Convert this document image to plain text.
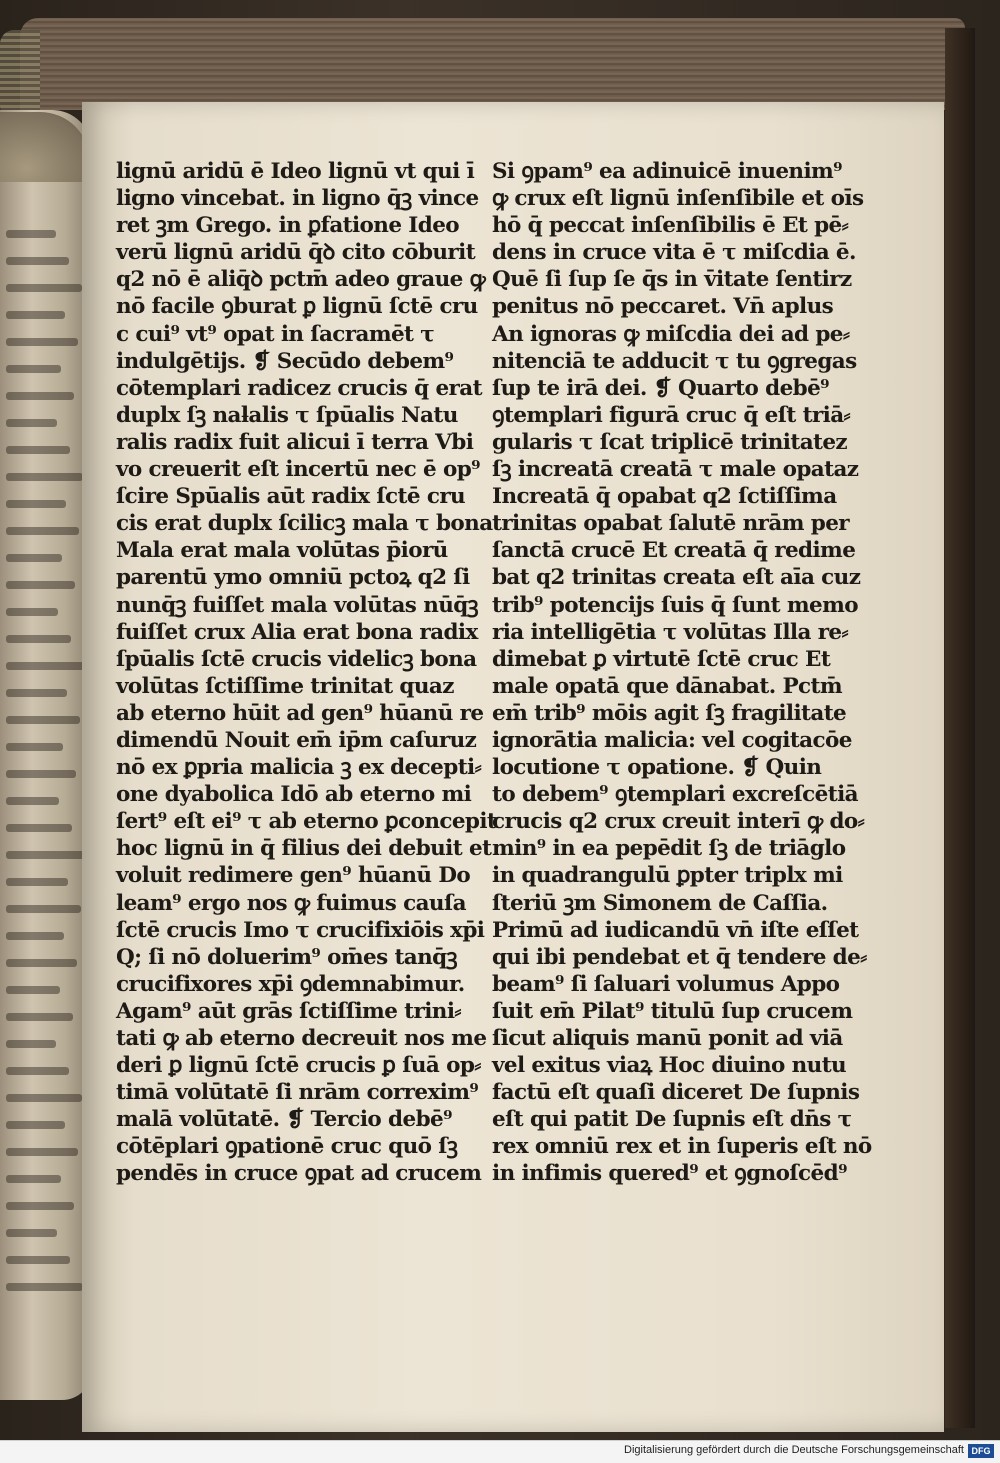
lignū aridū ē Ideo lignū vt qui ī
ligno vincebat. in ligno q̄ꝫ vince
ret ꝫm Grego. in ꝑfatione Ideo
verū lignū aridū q̄ꝺ cito cōburit
q2 nō ē aliq̄ꝺ pctm̄ adeo graue ꝙ
nō facile ꝯburat ꝑ lignū ſctē cru
c cui⁹ vt⁹ opat in ſacramēt τ
indulgētijs. ❡ Secūdo debem⁹
cōtemplari radicez crucis q̄ erat
duplx ſꝫ naƚalis τ ſpūalis Natu
ralis radix fuit alicui ī terra Vbi
vo creuerit eſt incertū nec ē op⁹
ſcire Spūalis aūt radix ſctē cru
cis erat duplx ſcilicꝫ mala τ bona
Mala erat mala volūtas p̄iorū
parentū ymo omniū pctoꝝ q2 ſi
nunq̄ꝫ fuiſſet mala volūtas nūq̄ꝫ
fuiſſet crux Alia erat bona radix
ſpūalis ſctē crucis videlicꝫ bona
volūtas ſctiſſime trinitat quaz
ab eterno hūit ad gen⁹ hūanū re
dimendū Nouit em̄ ip̄m caſuruz
nō ex ꝑpria malicia ꝫ ex decepti⸗
one dyabolica Idō ab eterno mi
ſert⁹ eſt ei⁹ τ ab eterno ꝑconcepit
hoc lignū in q̄ filius dei debuit et
voluit redimere gen⁹ hūanū Do
leam⁹ ergo nos ꝙ fuimus cauſa
ſctē crucis Imo τ crucifixiōis xp̄i
Q; ſi nō doluerim⁹ om̄es tanq̄ꝫ
crucifixores xp̄i ꝯdemnabimur.
Agam⁹ aūt grās ſctiſſime trini⸗
tati ꝙ ab eterno decreuit nos me
deri ꝑ lignū ſctē crucis ꝑ ſuā op⸗
timā volūtatē ſi nrām correxim⁹
malā volūtatē. ❡ Tercio debē⁹
cōtēplari ꝯpationē cruc quō ſꝫ
pendēs in cruce ꝯpat ad crucem
Si ꝯpam⁹ ea adinuicē inuenim⁹
ꝙ crux eſt lignū inſenſibile et oīs
hō q̄ peccat inſenſibilis ē Et pē⸗
dens in cruce vita ē τ miſcdia ē.
Quē ſi ſup ſe q̄s in v̄itate ſentirz
penitus nō peccaret. Vn̄ aplus
An ignoras ꝙ miſcdia dei ad pe⸗
nitenciā te adducit τ tu ꝯgregas
ſup te irā dei. ❡ Quarto debē⁹
ꝯtemplari figurā cruc q̄ eſt triā⸗
gularis τ ſcat triplicē trinitatez
ſꝫ increatā creatā τ male opataz
Increatā q̄ opabat q2 ſctiſſima
trinitas opabat ſalutē nrām per
ſanctā crucē Et creatā q̄ redime
bat q2 trinitas creata eſt aīa cuz
trib⁹ potencijs ſuis q̄ ſunt memo
ria intelligētia τ volūtas Illa re⸗
dimebat ꝑ virtutē ſctē cruc Et
male opatā que dānabat. Pctm̄
em̄ trib⁹ mōis agit ſꝫ fragilitate
ignorātia malicia: vel cogitacōe
locutione τ opatione. ❡ Quin
to debem⁹ ꝯtemplari excreſcētiā
crucis q2 crux creuit interī ꝙ do⸗
min⁹ in ea pepēdit ſꝫ de triāglo
in quadrangulū ꝑpter triplx mi
ſteriū ꝫm Simonem de Caſſia.
Primū ad iudicandū vn̄ iſte eſſet
qui ibi pendebat et q̄ tendere de⸗
beam⁹ ſi ſaluari volumus Appo
ſuit em̄ Pilat⁹ titulū ſup crucem
ſicut aliquis manū ponit ad viā
vel exitus viaꝝ Hoc diuino nutu
factū eſt quaſi diceret De ſupnis
eſt qui patit De ſupnis eſt dn̄s τ
rex omniū rex et in ſuperis eſt nō
in infimis quered⁹ et ꝯgnoſcēd⁹
Digitalisierung gefördert durch die Deutsche Forschungsgemeinschaft DFG
